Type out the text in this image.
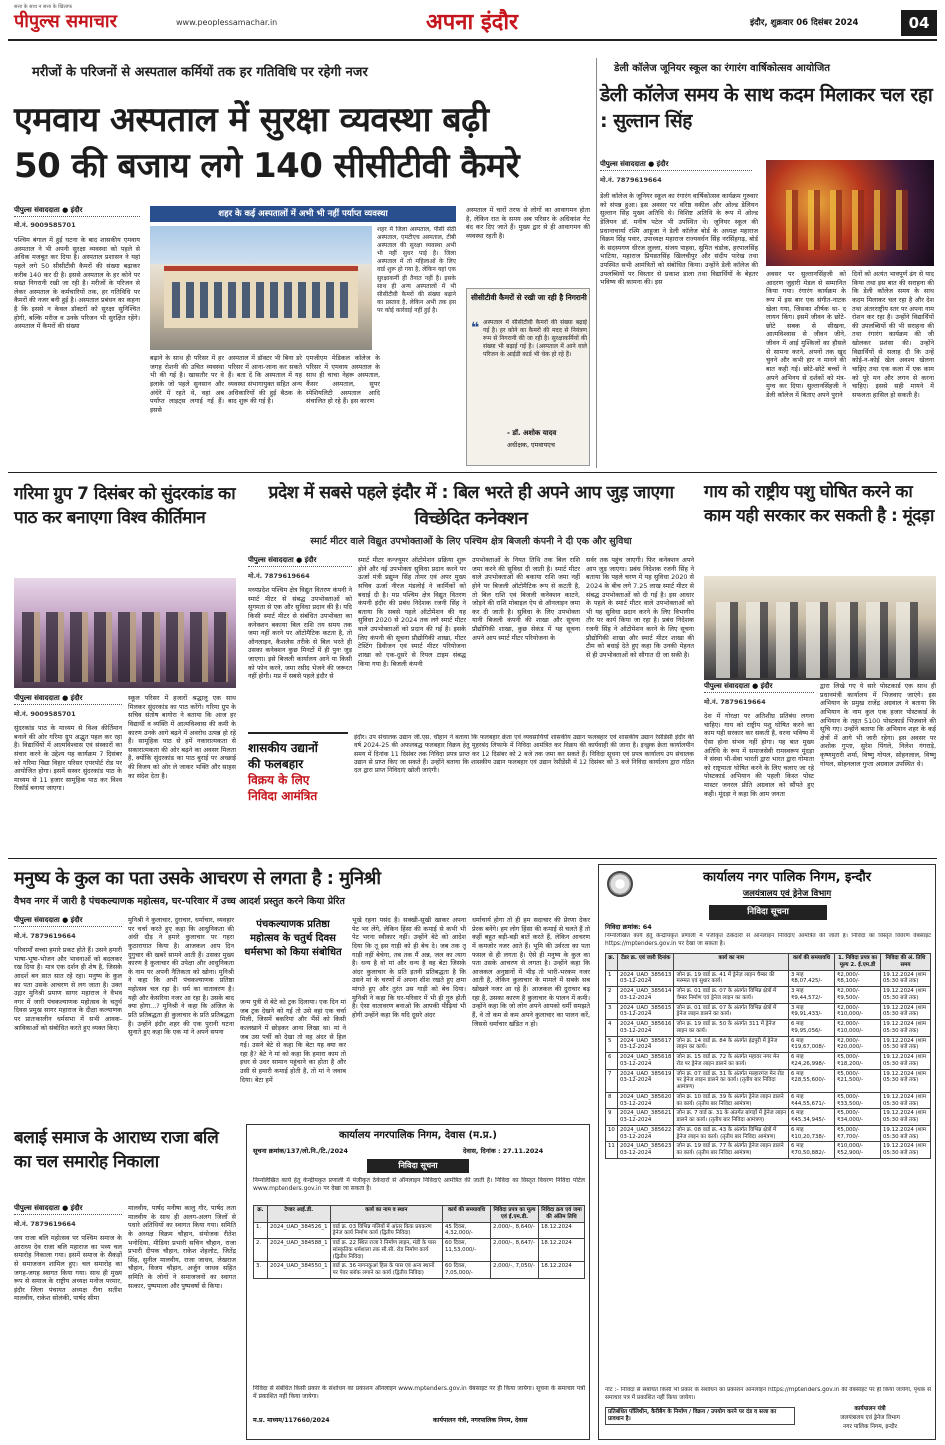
सत्ता के साथ न सत्ता के खिलाफ
पीपुल्स समाचार	www.peoplessamachar.in	अपना इंदौर	इंदौर, शुक्रवार 06 दिसंबर 2024	04
मरीजों के परिजनों से अस्पताल कर्मियों तक हर गतिविधि पर रहेगी नजर
एमवाय अस्पताल में सुरक्षा व्यवस्था बढ़ी
50 की बजाय लगे 140 सीसीटीवी कैमरे
पीपुल्स संवाददाता ● इंदौर
मो.नं. 9009585701
पश्चिम बंगाल में हुई घटना के बाद शासकीय एमवाय अस्पताल ने भी अपनी सुरक्षा व्यवस्था को पहले से अधिक मजबूत कर दिया है। अस्पताल प्रशासन ने यहां पहले लगे 50 सीसीटीवी कैमरों की संख्या बढ़ाकर करीब 140 कर दी है। इससे अस्पताल के हर कोने पर सख्त निगरानी रखी जा रही है। मरीजों के परिजन से लेकर अस्पताल के कर्मचारियों तक, हर गतिविधि पर कैमरों की नजर बनी हुई है। अस्पताल प्रबंधन का कहना है कि इससे न केवल डॉक्टरों को सुरक्षा सुनिश्चित होगी, बल्कि मरीज व उनके परिजन भी सुरक्षित रहेंगे। अस्पताल में कैमरों की संख्या
शहर के कई अस्पतालों में अभी भी नहीं पर्याप्त व्यवस्था
शहर में जिला अस्पताल, पीसी सेठी अस्पताल, एमटीएच अस्पताल, टीबी अस्पताल की सुरक्षा व्यवस्था अभी भी नहीं सुधर पाई है। जिला अस्पताल में तो महिलाओं के लिए वार्ड शुरू हो गया है, लेकिन यहां एक सुरक्षाकर्मी ही तैनात नहीं है। इसके साथ ही अन्य अस्पतालों में भी सीसीटीवी कैमरों की संख्या बढ़ाने का प्रस्ताव है, लेकिन अभी तक इस पर कोई कार्रवाई नहीं हुई है।
बढ़ाने के साथ ही परिसर में हर जगह रोशनी की उचित व्यवस्था भी की गई है। खासतौर पर वे इलाके जो पहले सुनसान और अंधेरे में रहते थे, वहां अब पर्याप्त लाइट्स लगाई गई हैं। इससे
अस्पताल में डॉक्टर भी बिना डरे परिसर में आना-जाना कर सकते हैं। बता दें कि अस्पताल में यह व्यवस्था संभागायुक्त सहित अन्य अधिकारियों की हुई बैठक के बाद शुरू की गई है।
एमजीएम मेडिकल कॉलेज के परिसर में एमवाय अस्पताल के साथ ही चाचा नेहरू अस्पताल, कैंसर अस्पताल, सुपर स्पेशियलिटी अस्पताल आदि संचालित हो रहे हैं। इस कारण
अस्पताल में चारों तरफ से लोगों का आवागमन होता है, लेकिन रात के समय अब परिसर के अधिकांश गेट बंद कर दिए जाते हैं। मुख्य द्वार से ही आवागमन की व्यवस्था रहती है।
सीसीटीवी कैमरों से रखी जा रही है निगरानी
❝ अस्पताल में सीसीटीवी कैमरों की संख्या बढ़ाई गई है। हर कोने का कैमरों की मदद से नियंत्रण रूम से निगरानी की जा रही है। सुरक्षाकर्मियों की संख्या भी बढ़ाई गई है। (अस्पताल में आने वाले परिजन के आईडी कार्ड भी चेक हो रहे हैं।
- डॉ. अशोक यादव
अधीक्षक, एमवायएच
डेली कॉलेज जूनियर स्कूल का रंगारंग वार्षिकोत्सव आयोजित
डेली कॉलेज समय के साथ कदम मिलाकर चल रहा : सुल्तान सिंह
पीपुल्स संवाददाता ● इंदौर
मो.नं. 7879619664
डेली कॉलेज के जूनियर स्कूल का रंगारंग वार्षिकोत्सव कार्यक्रम गुरुवार को संपन्न हुआ। इस अवसर पर वरिष्ठ वकील और ओल्ड डेलियन सुल्तान सिंह मुख्य अतिथि थे। विशिष्ट अतिथि के रूप में ओल्ड डेलियन डॉ. मनीष पटेल भी उपस्थित थे। जूनियर स्कूल की प्रधानाचार्या रश्मि आहूजा ने डेली कॉलेज बोर्ड के अध्यक्ष महाराज विक्रम सिंह पवार, उपाध्यक्ष महाराज राज्यवर्धन सिंह नरसिंहगढ़, बोर्ड के सदस्यगण धीरज लुल्ला, संजय पाहवा, सुमित चंडोक, हरपालसिंह भाटिया, महाराज प्रियव्रतसिंह खिलचीपुर और संदीप पारेख तथा उपस्थित सभी आमंत्रितों को संबोधित किया। उन्होंने डेली कॉलेज की उपलब्धियों पर विस्तार से प्रकाश डाला तथा विद्यार्थियों के बेहतर भविष्य की कामना की। इस
अवसर पर सुल्तानसिंहजी को आदरण जुहारी मेडल से सम्मानित किया गया। रंगारंग कार्यक्रम के रूप में इस बार एक संगीत-नाटक खेला गया, जिसका शीर्षक था- द लायन किंग। इसमें जीवन के छोटे-छोटे सबक से सीखना, आत्मविश्वास से जीवन जीने, जीवन में आई मुश्किलों का हौसले से सामना करने, अपनों तक खुद चुनने और कभी हार न मानने की बात कही गई। छोटे-छोटे बच्चों ने अपने अभिनय से दर्शकों को मंत्र-मुग्ध कर दिया। सुल्तानसिंहजी ने डेली कॉलेज में बिताए अपने पुराने
दिनों को अत्यंत भावपूर्ण ढंग से याद किया तथा इस बात की सराहना की कि डेली कॉलेज समय के साथ कदम मिलाकर चल रहा है और देश तथा अंतरराष्ट्रीय स्तर पर अपना नाम रोशन कर रहा है। उन्होंने विद्यार्थियों की उपलब्धियों की भी सराहना की तथा रंगारंग कार्यक्रम की जी खोलकर प्रशंसा की। उन्होंने विद्यार्थियों से सलाह दी कि उन्हें कोई-न-कोई खेल अवश्य खेलना चाहिए तथा एक कला में एक काम को पूरे मन और लगन से करना चाहिए। इससे सही मायने में सफलता हासिल हो सकती है।
गरिमा ग्रुप 7 दिसंबर को सुंदरकांड का पाठ कर बनाएगा विश्व कीर्तिमान
पीपुल्स संवाददाता ● इंदौर
मो.नं. 9009585701
सुंदरकांड पाठ के माध्यम से विश्व कीर्तिमान बनाने की ओर गरिमा ग्रुप अद्भुत पहल कर रहा है। विद्यार्थियों में आत्मविश्वास एवं संस्कारों का संचार करने के उद्देश्य यह कार्यक्रम 7 दिसंबर को गरिमा विद्या विहार परिसर एयरपोर्ट रोड पर आयोजित होगा। इसमें सस्वर सुंदरकांड पाठ के माध्यम से 11 हजार सामूहिक पाठ कर विश्व रिकॉर्ड बनाया जाएगा।
स्कूल परिसर में हजारों श्रद्धालु एक साथ मिलकर सुंदरकांड का पाठ करेंगे। गरिमा ग्रुप के सचिव संतोष बागोरा ने बताया कि आज हर विद्यार्थी व व्यक्ति में आत्मविश्वास की कमी के कारण उनके आगे बढ़ने में अवरोध उत्पन्न हो रहे हैं। सामूहिक पाठ से हमें नकारात्मकता से सकारात्मकता की ओर बढ़ने का अवसर मिलता है, क्योंकि सुंदरकांड का पाठ बुराई पर अच्छाई की विजय को ओर ले जाकर भक्ति और साहस का संदेश देता है।
प्रदेश में सबसे पहले इंदौर में : बिल भरते ही अपने आप जुड़ जाएगा विच्छेदित कनेक्शन
स्मार्ट मीटर वाले विद्युत उपभोक्ताओं के लिए पश्चिम क्षेत्र बिजली कंपनी ने दी एक और सुविधा
पीपुल्स संवाददाता ● इंदौर
मो.नं. 7879619664
मध्यप्रदेश पश्चिम क्षेत्र विद्युत वितरण कंपनी ने स्मार्ट मीटर से संबद्ध उपभोक्ताओं को सुगमता से एक और सुविधा प्रदान की है। यदि किसी स्मार्ट मीटर से संबंधित उपभोक्ता का कनेक्शन बकाया बिल राशि तय समय तक जमा नहीं करने पर ऑटोमैटिक कटता है, तो ऑनलाइन, कैशलेस तरीके से बिल भरते ही उसका कनेक्शन कुछ मिनटों में ही पुनः जुड़ जाएगा। इसे बिजली कार्यालय आने या किसी को फोन करने, जमा रसीद भेजने की जरूरत नहीं होगी। मप्र में सबसे पहले इंदौर से
स्मार्ट मीटर कन्ज्यूमर ऑटोमेशन प्रक्रिया शुरू होने और नई उपभोक्ता सुविधा प्रदान करने पर ऊर्जा मंत्री प्रद्युम्न सिंह तोमर एवं अपर मुख्य सचिव ऊर्जा नीरज मंडलोई ने कार्मिकों को बधाई दी है। मप्र पश्चिम क्षेत्र विद्युत वितरण कंपनी इंदौर की प्रबंध निदेशक रजनी सिंह ने बताया कि सबसे पहले ऑटोमेशन की यह सुविधा 2020 से 2024 तक लगे स्मार्ट मीटर वाले उपभोक्ताओं को प्रदान की गई है। इसके लिए कंपनी की सूचना प्रौद्योगिकी शाखा, मीटर टेस्टिंग डिवीजन एवं स्मार्ट मीटर परियोजना शाखा को एक-दूसरे से रियल टाइम संबद्ध किया गया है। बिजली कंपनी
उपभोक्ताओं के नियत तिथि तक बिल राशि जमा करने की सुविधा दी जाती है। स्मार्ट मीटर वाले उपभोक्ताओं की बकाया राशि जमा नहीं होने पर बिजली ऑटोमैटिक रूप से कटती है, तो बिल राशि एवं बिजली कनेक्शन काटने, जोड़ने की राशि मोबाइल ऐप से ऑनलाइन जमा कर दी जाती है। सुविधा के लिए उपभोक्ता यानी बिजली कंपनी की शाखा और सूचना प्रौद्योगिकी शाखा, कुछ सेकंड में यह सूचना अपने आप स्मार्ट मीटर परियोजना के
सर्वर तक पहुंच जाएगी। फिर कनेक्शन अपने आप जुड़ जाएगा। प्रबंध निदेशक रजनी सिंह ने बताया कि पहले चरण में यह सुविधा 2020 से 2024 के बीच लगे 7.25 लाख स्मार्ट मीटर से संबद्ध उपभोक्ताओं को दी गई है। इस आधार के पहले के स्मार्ट मीटर वाले उपभोक्ताओं को भी यह सुविधा प्रदान करने के लिए विभागीय तौर पर कार्य किया जा रहा है। प्रबंध निदेशक रजनी सिंह ने ऑटोमेशन करने के लिए सूचना प्रौद्योगिकी शाखा और स्मार्ट मीटर शाखा की टीम को बधाई देते हुए कहा कि उनकी मेहनत से ही उपभोक्ताओं को सौगात दी जा सकी है।
शासकीय उद्यानों
की फलबहार
विक्रय के लिए
निविदा आमंत्रित
इंदौर। उप संचालक उद्यान जी.एस. चौहान ने बताया कि फलबहार क्रेता एवं व्यवसायियों शासकीय उद्यान फलबहार एवं शासकीय उद्यान रेसीडेंसी इंदौर की वर्ष 2024-25 की अफलबद्ध फलबहार विक्रय हेतु मुहरबंद लिफाफे में निविदा आमंत्रित कर विक्रय की कार्यवाही की जाना है। इच्छुक क्रेता कार्यालयीन समय में दिनांक 11 दिसंबर तक निविदा प्रपत्र प्राप्त कर 12 दिसंबर को 2 बजे तक जमा कर सकते हैं। निविदा सूचना एवं प्रपत्र कार्यालय उप संचालक उद्यान से प्राप्त किए जा सकते हैं। उन्होंने बताया कि शासकीय उद्यान फलबहार एवं उद्यान रेसीडेंसी में 12 दिसंबर को 3 बजे निविदा कार्यालय द्वारा गठित दल द्वारा प्राप्त निविदाएं खोली जाएंगी।
गाय को राष्ट्रीय पशु घोषित करने का काम यही सरकार कर सकती है : मूंदड़ा
पीपुल्स संवाददाता ● इंदौर
मो.नं. 7879619664
देश में गोरक्षा पर अतिशीघ्र प्रतिबंध लगना चाहिए। गाय को राष्ट्रीय पशु घोषित करने का काम यही सरकार कर सकती है, वरना भविष्य में ऐसा होना संभव नहीं होगा। यह बात मुख्य अतिथि के रूप में समाजसेवी रामस्वरूप मूंदड़ा ने संस्था भी-सेवा भारती द्वारा भारत द्वारा गोमाता को राष्ट्रमाता घोषित करने के लिए चलाए जा रहे पोस्टकार्ड अभियान की पहली किस्त पोस्ट मास्टर जनरल प्रीति अग्रवाल को सौंपते हुए कही। मूंदड़ा ने कहा कि आम जनता
द्वारा लिखे गए ये सारे पोस्टकार्ड एक साथ ही प्रधानमंत्री कार्यालय में भिजवाए जाएंगे। इस अभियान के प्रमुख राजेंद्र अग्रवाल ने बताया कि अभियान के नाम कुल एक हजार पोस्टकार्ड के अभियान के तहत 5100 पोस्टकार्ड भिजवाने की सूचि गए। उन्होंने बताया कि अभियान शहर के कई क्षेत्रों में आगे भी जारी रहेगा। इस अवसर पर अशोक गुप्ता, सुरेश पिंगले, निलेश गंगराड़े, कृष्णमुरारी शर्मा, विष्णु गोयल, सोहनलाल, विष्णु गोयल, सोहनलाल गुप्ता अग्रवाल उपस्थित थे।
मनुष्य के कुल का पता उसके आचरण से लगता है : मुनिश्री
वैभव नगर में जारी है पंचकल्याणक महोत्सव, घर-परिवार में उच्च आदर्श प्रस्तुत करने किया प्रेरित
पीपुल्स संवाददाता ● इंदौर
मो.नं. 7879619664
परिवार्मों सच्चा हमारे प्रकट होते हैं। उसने हमारी भाषा-भूषा-भोजन और भावनाओं को बदलकर रख दिया है। मात्र एक दर्शन ही शेष है, जिसके आदर्श बन सात सात रहे रहा। मनुष्य के कुल का पता उसके आचरण से लग जाता है। उक्त उद्गार मुनिश्री प्रमाण सागर महाराज ने वैभव नगर में जारी पंचकल्याणक महोत्सव के चतुर्थ दिवस प्रमुख सागर महाराज के दीक्षा कल्याणक पर प्रातःकालीन धर्मसभा में सभी आवक-श्राविकाओं को संबोधित करते हुए व्यक्त किए।
मुनिश्री ने कुलाचार, दुराचार, धर्माचार, व्यवहार पर चर्चा करते हुए कहा कि आधुनिकता की अंधी दौड़ ने हमारे कुलाचार पर गहरा कुठाराघात किया है। आजकल आप दिन दुगुचार की खबरें सामने आती हैं। उसका मुख्य कारण है कुलाचार की उपेक्षा और आधुनिकता के नाम पर अपनी नैतिकता को खोना। मुनिश्री ने कहा कि अभी पंचकल्याणक प्रतिष्ठा महोत्सव चल रहा है। धर्म का वातावरण है। यही और केसरिया नजर आ रहा है। उसके बाद क्या होगा...? मुनिश्री ने कहा कि अंजिल के प्रति प्रतिबद्धता ही कुलाचार के प्रति प्रतिबद्धता है। उन्होंने इंदौर शहर की एक पुरानी घटना सुनाते हुए कहा कि एक मां ने अपने सपना
पंचकल्याणक प्रतिष्ठा महोत्सव के चतुर्थ दिवस धर्मसभा को किया संबोधित
जन्म पुत्री से बेटे को ट्रक दिलाया। एक दिन मां जब ट्रक देखने को गई तो उसे वहां एक चर्चा मिली, जिसमें बकरियां और भैंसें को किसी कत्लखाने में छोड़कर आना लिखा था। मां ने जब उस पर्ची को देखा तो वह अंदर से हिल गई। उसने बेटे से कहा कि बेटा यह क्या कर रहा है? बेटे ने मां को कहा कि हमारा काम तो इधर से उधर सामान पहुंचाने का होता है और उसी से हमारी कमाई होती है, तो मां ने जवाब दिया। बेटा हमें
भूखे रहना पसंद है। सक्खी-सूखी खाकर अपना पेट भर लेंगे, लेकिन हिंसा की कमाई से कभी भी पेट भरना स्वीकार नहीं। उन्होंने बेटे को आदेश दिया कि तू इस गाड़ी को ही बेच दे। जब तक तू गाड़ी नहीं बेचेगा, तब तक मैं अन्न, जल का त्याग है। धन्य है वो मां और धन्य है वह बेटा जिसके अंदर कुलाचार के प्रति इतनी प्रतिबद्धता है कि उसने मां के चरणों में अपना शीश रखते हुए क्षमा मांगते हुए और तुरंत उस गाड़ी को बेच दिया। मुनिश्री ने कहा कि घर-परिवार में भी ही गुरु होती है। ऐसा वातावरण बनाओ कि आपकी पीढ़ियां भी होगी उन्होंने कहा कि यदि दूसरे अंदर
धर्माचार्य होगा तो ही हम सदाचार की प्रेरणा देकर प्रेरक बनेंगे। हम लोग हिंसा की कमाई से चलते हैं तो कहीं बहुत बड़ी-बड़ी बातें करते हैं, लेकिन आचरण में कमजोर नजर आते हैं। भूमि की उर्वरता का पता फसल से ही लगता है। ऐसे ही मनुष्य के कुल का पता उसके आचरण से लगता है। उन्होंने कहा कि आजकल अनुष्ठानों में भीड़ तो भारी-भरकम नजर आती है, लेकिन कुलाचार के मामले में सबके सब खोखले नजर आ रहे हैं। आजकल की दुराचार बढ़ रहा है, उसका कारण है कुलाचार के पालन में कमी। उन्होंने कहा कि जो लोग अपने आपको धर्मी समझते हैं, वे तो कम से कम अपने कुलाचार का पालन करें, जिससे धर्माचार खंडित न हो।
बलाई समाज के आराध्य राजा बलि का चल समारोह निकाला
पीपुल्स संवाददाता ● इंदौर
मो.नं. 7879619664
जय राजा बलि महोत्सव पर पश्चिम समाज के आराध्य देव राजा बलि महाराज का भव्य चल समारोह निकाला गया। इसमें समाज के सैकड़ों से समाजजन शामिल हुए। चल समारोह का जगह-जगह स्वागत किया गया। साथ ही मुख्य रूप से समाज के राष्ट्रीय अध्यक्ष मनोज परमार, इंदौर जिला पंचायत अध्यक्ष रीना सतीश मालवीय, राकेश सोलंकी, पार्षद सीमा
मालवीय, पार्षद मनीषा कालु गौर, पार्षद लता मालवीय के साथ ही अलग-अलग जिलों से पधारे अतिथियों का स्वागत किया गया। समिति के अध्यक्ष विक्रम चौहान, संयोजक रीतेश भनोदिया, मीडिया प्रभारी सचिन चौहान, राजा प्रभारी दीपक चौहान, राकेश शेहलोट, जितेंद्र सिंह, सुनील मालवीय, राजा जाधव, लेखराज चौहान, विजय चौहान, अर्जुन जाधव सहित समिति के लोगों ने समाजजनों का स्वागत सत्कार, पुष्पमाला और पुष्पवर्षा से किया।
कार्यालय नगरपालिक निगम, देवास (म.प्र.)
सूचना क्रमांक/137/लो.नि./टि./2024	देवास, दिनांक : 27.11.2024
निविदा सूचना
निम्नलिखित कार्य हेतु केन्द्रीयकृत प्रणाली में पंजीकृत ठेकेदारों से ऑनलाइन निविदाएं आमंत्रित की जाती है। निविदा का विस्तृत विवरण निविदा पोर्टल www.mptenders.gov.in पर देखा जा सकता है।
क्र.	टेण्डर आई.डी.	कार्य का नाम व स्थान	कार्य की समयावधि	निविदा प्रपत्र का मूल्य एवं ई.एम.डी.	निविदा क्रय एवं जमा की अंतिम तिथि
1.	2024_UAD_384526_1	वार्ड क्र. 03 विभिन्न गलियों में आंतर किक प्रयकरण ड्रेनेज कार्य निर्माण कार्य (द्वितीय निविदा)	45 दिवस, 4,32,000/-	2,000/-, 8,640/-	18.12.2024
2.	2024_UAD_384588_1	वार्ड क्र. 22 स्थित राजा रे निर्माण लाइन, मंडी के पास सांस्कृतिक धर्मशाला तक सी.सी. रोड निर्माण कार्य (द्वितीय निविदा)	60 दिवस, 11,53,000/-	2,000/-, 8,647/-	18.12.2024
3.	2024_UAD_384550_1	वार्ड क्र. 36 नागनकुआं हिल के पास एवं अन्य स्थानों पर पेवर ब्लॉक लगाने का कार्य (द्वितीय निविदा)	60 दिवस, 7,05,000/-	2,000/-, 7,050/-	18.12.2024
निविदा से संबंधित किसी प्रकार के संशोधन का प्रकाशन ऑनलाइन www.mptenders.gov.in वेबसाइट पर ही किया जायेगा। सूचना के समाचार पत्रों में प्रकाशित नहीं किया जायेगा।
म.प्र. माध्यम/117660/2024	कार्यपालन यंत्री, नगरपालिक निगम, देवास
कार्यालय नगर पालिक निगम, इन्दौर
जलयंत्रालय एवं ड्रेनेज विभाग
निविदा सूचना
निविदा क्रमांक: 64
निम्नलिखित कार्य हेतु केन्द्रीयकृत प्रणाली में पंजीकृत ठेकेदारों से ऑनलाइन निविदाएं आमंत्रित की जाती हैं। निविदा का विस्तृत विवरण वेबसाइट https://mptenders.gov.in पर देखा जा सकता है।
क्र.	टेंडर क्र. एवं जारी दिनांक	कार्य का नाम	कार्य की समयावधि	1. निविदा प्रपत्र का मूल्य 2. ई.एम.डी	निविदा की अं. तिथि समय
1	2024_UAD_385613 03-12-2024	जोन क्र. 19 वार्ड क्र. 41 में ड्रेनेज़ लाइन चैम्बर की मरम्मत एवं सुधार कार्य।	3 माह ₹8,07,425/-	₹2,000/- ₹8,100/-	19.12.2024 (शाम 05:30 बजे तक)
2	2024_UAD_385614 03-12-2024	जोन क्र. 01 वार्ड क्र. 07 के अंतर्गत विभिन्न क्षेत्रों में चेम्बर निर्माण एवं ड्रेनेज लाइन का कार्य।	3 माह ₹9,44,572/-	₹2,000/- ₹9,500/-	19.12.2024 (शाम 05:30 बजे तक)
3	2024_UAD_385615 03-12-2024	जोन क्र. 01 वार्ड क्र. 07 के अंतर्गत विभिन्न क्षेत्रों में ड्रेनेज लाइन डालने का कार्य।	3 माह ₹9,91,433/-	₹2,000/- ₹10,000/-	19.12.2024 (शाम 05:30 बजे तक)
4	2024_UAD_385616 03-12-2024	जोन क्र. 19 वार्ड क्र. 50 के अंतर्गत 311 में ड्रेनेज लाइन का कार्य।	6 माह ₹9,95,056/-	₹2,000/- ₹10,000/-	19.12.2024 (शाम 05:30 बजे तक)
5	2024_UAD_385617 03-12-2024	जोन क्र. 14 वार्ड क्र. 84 के अंतर्गत इंद्रपुरी में ड्रेनेज लाइन का कार्य।	6 माह ₹19,67,008/-	₹2,000/- ₹20,000/-	19.12.2024 (शाम 05:30 बजे तक)
6	2024_UAD_385618 03-12-2024	जोन क्र. 15 वार्ड क्र. 72 के अंतर्गत महावर नगर मेन रोड पर ड्रेनेज लाइन डालने का कार्य।	6 माह ₹24,26,998/-	₹5,000/- ₹18,200/-	19.12.2024 (शाम 05:30 बजे तक)
7	2024_UAD_385619 03-12-2024	जोन क्र. 07 वार्ड क्र. 31 के अंतर्गत मल्हारगंज मेन रोड पर ड्रेनेज लाइन डालने का कार्य। (तृतीय बार निविदा आमंत्रण)	6 माह ₹28,55,600/-	₹5,000/- ₹21,500/-	19.12.2024 (शाम 05:30 बजे तक)
8	2024_UAD_385620 03-12-2024	जोन क्र. 10 वार्ड क्र. 39 के अंतर्गत ड्रेनेज लाइन डालने का कार्य। (तृतीय बार निविदा आमंत्रण)	6 माह ₹44,55,671/-	₹5,000/- ₹33,500/-	19.12.2024 (शाम 05:30 बजे तक)
9	2024_UAD_385621 03-12-2024	जोन क्र. 7 वार्ड क्र. 31 के अंतर्गत बांगड़ों में ड्रेनेज लाइन डालने का कार्य। (तृतीय बार निविदा आमंत्रण)	6 माह ₹45,34,945/-	₹5,000/- ₹34,000/-	19.12.2024 (शाम 05:30 बजे तक)
10	2024_UAD_385622 03-12-2024	जोन क्र. 08 वार्ड क्र. 43 के अंतर्गत विभिन्न क्षेत्रों में ड्रेनेज लाइन का कार्य। (तृतीय बार निविदा आमंत्रण)	6 माह ₹10,20,738/-	₹5,000/- ₹7,700/-	19.12.2024 (शाम 05:30 बजे तक)
11	2024_UAD_385623 03-12-2024	जोन क्र. 19 वार्ड क्र. 77 के अंतर्गत ड्रेनेज लाइन डालने का कार्य। (तृतीय बार निविदा आमंत्रण)	6 माह ₹70,50,882/-	₹10,000/- ₹52,900/-	19.12.2024 (शाम 05:30 बजे तक)
नोट :- निविदा से संबंधित किसी भी प्रकार के संशोधन का प्रकाशन ऑनलाइन https://mptenders.gov.in की वेबसाइट पर ही किया जायेगा, पृथक से समाचार पत्र में प्रकाशित नहीं किया जायेगा।
प्रतिबंधित पॉलिथीन, कैरीबैग के निर्माण / विक्रय / उपयोग करने पर दंड व सजा का प्रावधान है।
कार्यपालन यंत्री
जलयंत्रालय एवं ड्रेनेज विभाग
नगर पालिक निगम, इन्दौर
